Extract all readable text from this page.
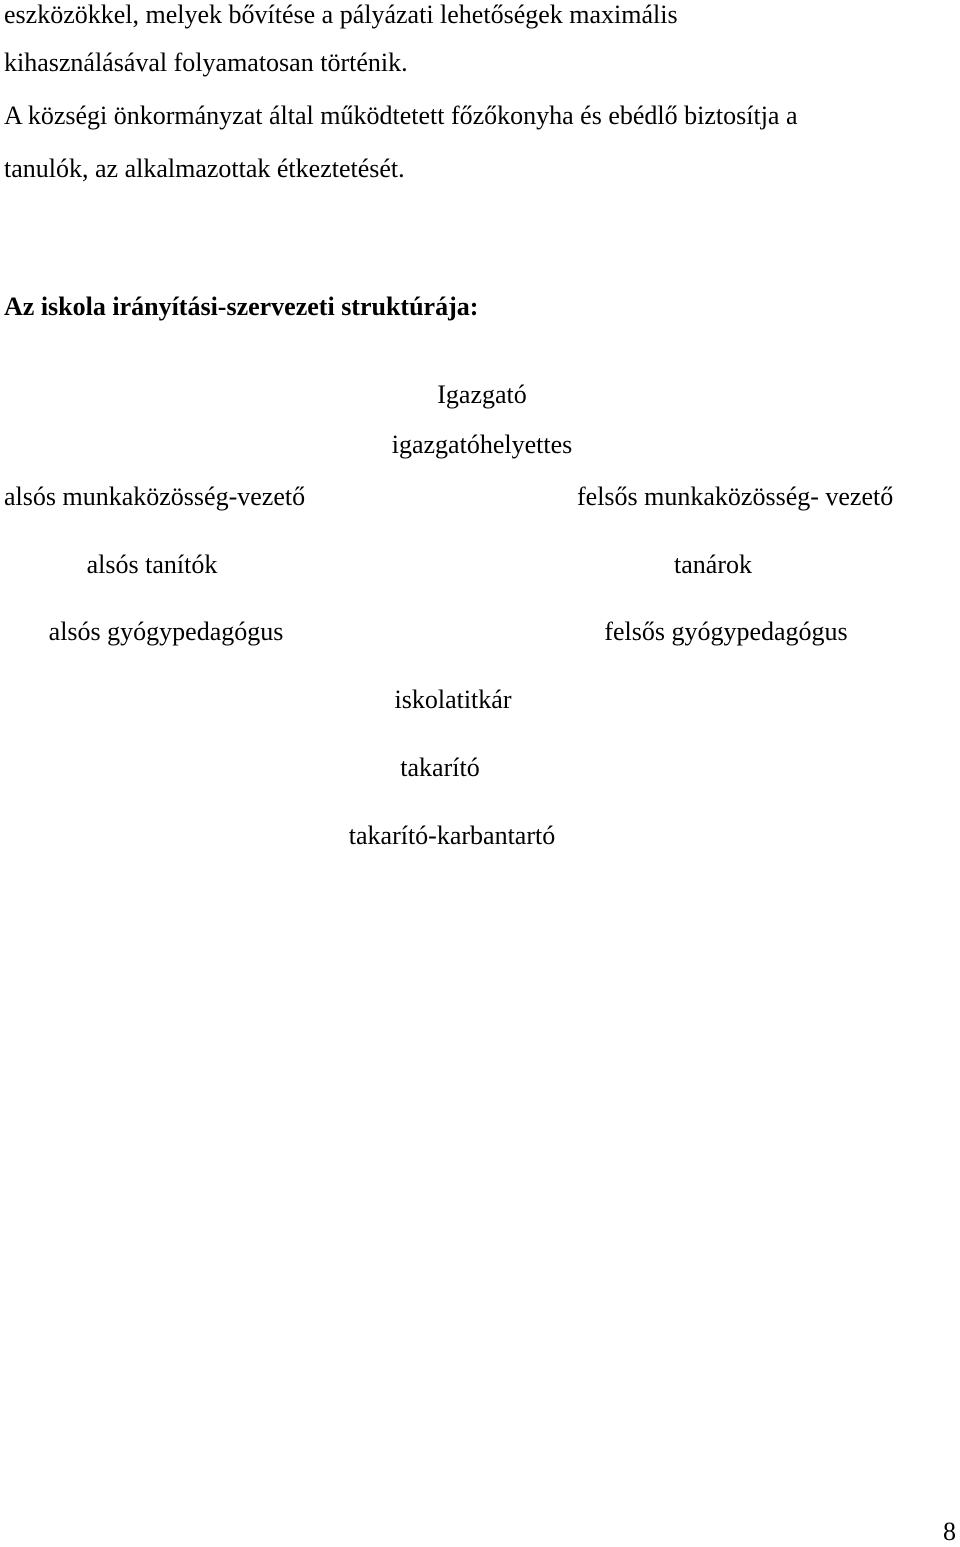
eszközökkel, melyek bővítése a pályázati lehetőségek maximális
kihasználásával folyamatosan történik.
A községi önkormányzat által működtetett főzőkonyha és ebédlő biztosítja a
tanulók, az alkalmazottak étkeztetését.
Az iskola irányítási-szervezeti struktúrája:
Igazgató
igazgatóhelyettes
alsós munkaközösség-vezető	felsős munkaközösség- vezető
alsós tanítók	tanárok
alsós gyógypedagógus	felsős gyógypedagógus
iskolatitkár
takarító
takarító-karbantartó
8
